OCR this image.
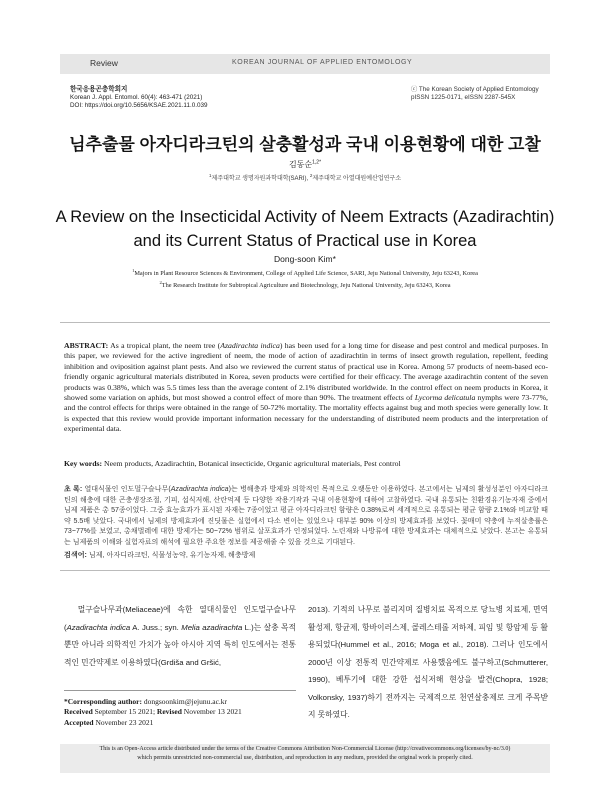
Review	KOREAN JOURNAL OF APPLIED ENTOMOLOGY
한국응용곤충학회지
Korean J. Appl. Entomol. 60(4): 463-471 (2021)
DOI: https://doi.org/10.5656/KSAE.2021.11.0.039
ⓒ The Korean Society of Applied Entomology
pISSN 1225-0171, eISSN 2287-545X
님추출물 아자디라크틴의 살충활성과 국내 이용현황에 대한 고찰
김동순$^{1,2*}$
$^1$제주대학교 생명자원과학대학(SARI), $^2$제주대학교 아열대원예산업연구소
A Review on the Insecticidal Activity of Neem Extracts (Azadirachtin)
and its Current Status of Practical use in Korea
Dong-soon Kim*
$^1$Majors in Plant Resource Sciences & Environment, College of Applied Life Science, SARI, Jeju National University, Jeju 63243, Korea
$^2$The Research Institute for Subtropical Agriculture and Biotechnology, Jeju National University, Jeju 63243, Korea
ABSTRACT: As a tropical plant, the neem tree (Azadirachta indica) has been used for a long time for disease and pest control and medical purposes. In this paper, we reviewed for the active ingredient of neem, the mode of action of azadirachtin in terms of insect growth regulation, repellent, feeding inhibition and oviposition against plant pests. And also we reviewed the current status of practical use in Korea. Among 57 products of neem-based eco-friendly organic agricultural materials distributed in Korea, seven products were certified for their efficacy. The average azadirachtin content of the seven products was 0.38%, which was 5.5 times less than the average content of 2.1% distributed worldwide. In the control effect on neem products in Korea, it showed some variation on aphids, but most showed a control effect of more than 90%. The treatment effects of Lycorma delicatula nymphs were 73-77%, and the control effects for thrips were obtained in the range of 50-72% mortality. The mortality effects against bug and moth species were generally low. It is expected that this review would provide important information necessary for the understanding of distributed neem products and the interpretation of experimental data.
Key words: Neem products, Azadirachtin, Botanical insecticide, Organic agricultural materials, Pest control
초 록: 열대식물인 인도멀구슬나무(Azadirachta indica)는 병해충과 방제와 의학적인 목적으로 오랫동안 이용하였다. 본고에서는 님제의 활성성분인 아자디라크틴의 해충에 대한 곤충생장조절, 기피, 섭식저해, 산란억제 등 다양한 작용기작과 국내 이용현황에 대하여 고찰하였다. 국내 유통되는 친환경유기농자재 중에서 님제 제품은 총 57종이었다. 그중 효능효과가 표시된 자재는 7종이었고 평균 아자디라크틴 함량은 0.38%로써 세계적으로 유통되는 평균 함량 2.1%와 비교할 때 약 5.5배 낮았다. 국내에서 님제의 방제효과에 진딧물은 실험에서 다소 변이는 있었으나 대부분 90% 이상의 방제효과를 보였다. 꽃매미 약충에 누적살충률은 73~77%를 보였고, 총채벌레에 대한 방제가는 50~72% 범위로 살포효과가 인정되었다. 노린재와 나방류에 대한 방제효과는 대체적으로 낮았다. 본고는 유통되는 님제품의 이해와 실험자료의 해석에 필요한 주요한 정보를 제공해줄 수 있을 것으로 기대된다.
검색어: 님제, 아자디라크틴, 식물성농약, 유기농자재, 해충방제
멀구슬나무과(Meliaceae)에 속한 열대식물인 인도멀구슬나무(Azadirachta indica A. Juss.; syn. Melia azadirachta L.)는 살충 목적뿐만 아니라 의학적인 가치가 높아 아시아 지역 특히 인도에서는 전통적인 민간약제로 이용하였다(Grdiša and Gršić,
2013). 기적의 나무로 불리지며 질병치료 목적으로 당뇨병 치료제, 면역활성제, 항균제, 항바이러스제, 콜레스테롤 저하제, 피임 및 항암제 등 활용되었다(Hummel et al., 2016; Moga et al., 2018). 그러나 인도에서 2000년 이상 전통적 민간약제로 사용했음에도 불구하고(Schmutterer, 1990), 베투기에 대한 강한 섭식저해 현상을 발견(Chopra, 1928; Volkonsky, 1937)하기 전까지는 국제적으로 천연살충제로 크게 주목받지 못하였다.
*Corresponding author: dongsoonkim@jejunu.ac.kr
Received September 15 2021; Revised November 13 2021
Accepted November 23 2021
This is an Open-Access article distributed under the terms of the Creative Commons Attribution Non-Commercial License (http://creativecommons.org/licenses/by-nc/3.0)
which permits unrestricted non-commercial use, distribution, and reproduction in any medium, provided the original work is properly cited.
